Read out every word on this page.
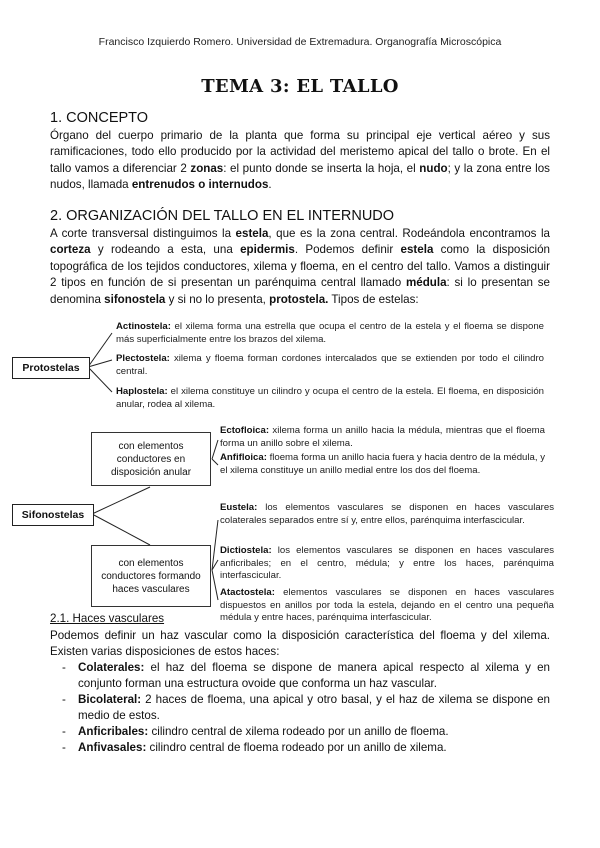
Francisco Izquierdo Romero. Universidad de Extremadura. Organografía Microscópica
TEMA 3: EL TALLO
1. CONCEPTO
Órgano del cuerpo primario de la planta que forma su principal eje vertical aéreo y sus ramificaciones, todo ello producido por la actividad del meristemo apical del tallo o brote. En el tallo vamos a diferenciar 2 zonas: el punto donde se inserta la hoja, el nudo; y la zona entre los nudos, llamada entrenudos o internudos.
2. ORGANIZACIÓN DEL TALLO EN EL INTERNUDO
A corte transversal distinguimos la estela, que es la zona central. Rodeándola encontramos la corteza y rodeando a esta, una epidermis. Podemos definir estela como la disposición topográfica de los tejidos conductores, xilema y floema, en el centro del tallo. Vamos a distinguir 2 tipos en función de si presentan un parénquima central llamado médula: si lo presentan se denomina sifonostela y si no lo presenta, protostela. Tipos de estelas:
Protostelas
Sifonostelas
con elementos conductores en disposición anular
con elementos conductores formando haces vasculares
Actinostela: el xilema forma una estrella que ocupa el centro de la estela y el floema se dispone más superficialmente entre los brazos del xilema.
Plectostela: xilema y floema forman cordones intercalados que se extienden por todo el cilindro central.
Haplostela: el xilema constituye un cilindro y ocupa el centro de la estela. El floema, en disposición anular, rodea al xilema.
Ectofloica: xilema forma un anillo hacia la médula, mientras que el floema forma un anillo sobre el xilema.
Anfifloica: floema forma un anillo hacia fuera y hacia dentro de la médula, y el xilema constituye un anillo medial entre los dos del floema.
Eustela: los elementos vasculares se disponen en haces vasculares colaterales separados entre sí y, entre ellos, parénquima interfascicular.
Dictiostela: los elementos vasculares se disponen en haces vasculares anficribales; en el centro, médula; y entre los haces, parénquima interfascicular.
Atactostela: elementos vasculares se disponen en haces vasculares dispuestos en anillos por toda la estela, dejando en el centro una pequeña médula y entre haces, parénquima interfascicular.
2.1. Haces vasculares
Podemos definir un haz vascular como la disposición característica del floema y del xilema. Existen varias disposiciones de estos haces:
- Colaterales: el haz del floema se dispone de manera apical respecto al xilema y en conjunto forman una estructura ovoide que conforma un haz vascular.
- Bicolateral: 2 haces de floema, una apical y otro basal, y el haz de xilema se dispone en medio de estos.
- Anficribales: cilindro central de xilema rodeado por un anillo de floema.
- Anfivasales: cilindro central de floema rodeado por un anillo de xilema.
